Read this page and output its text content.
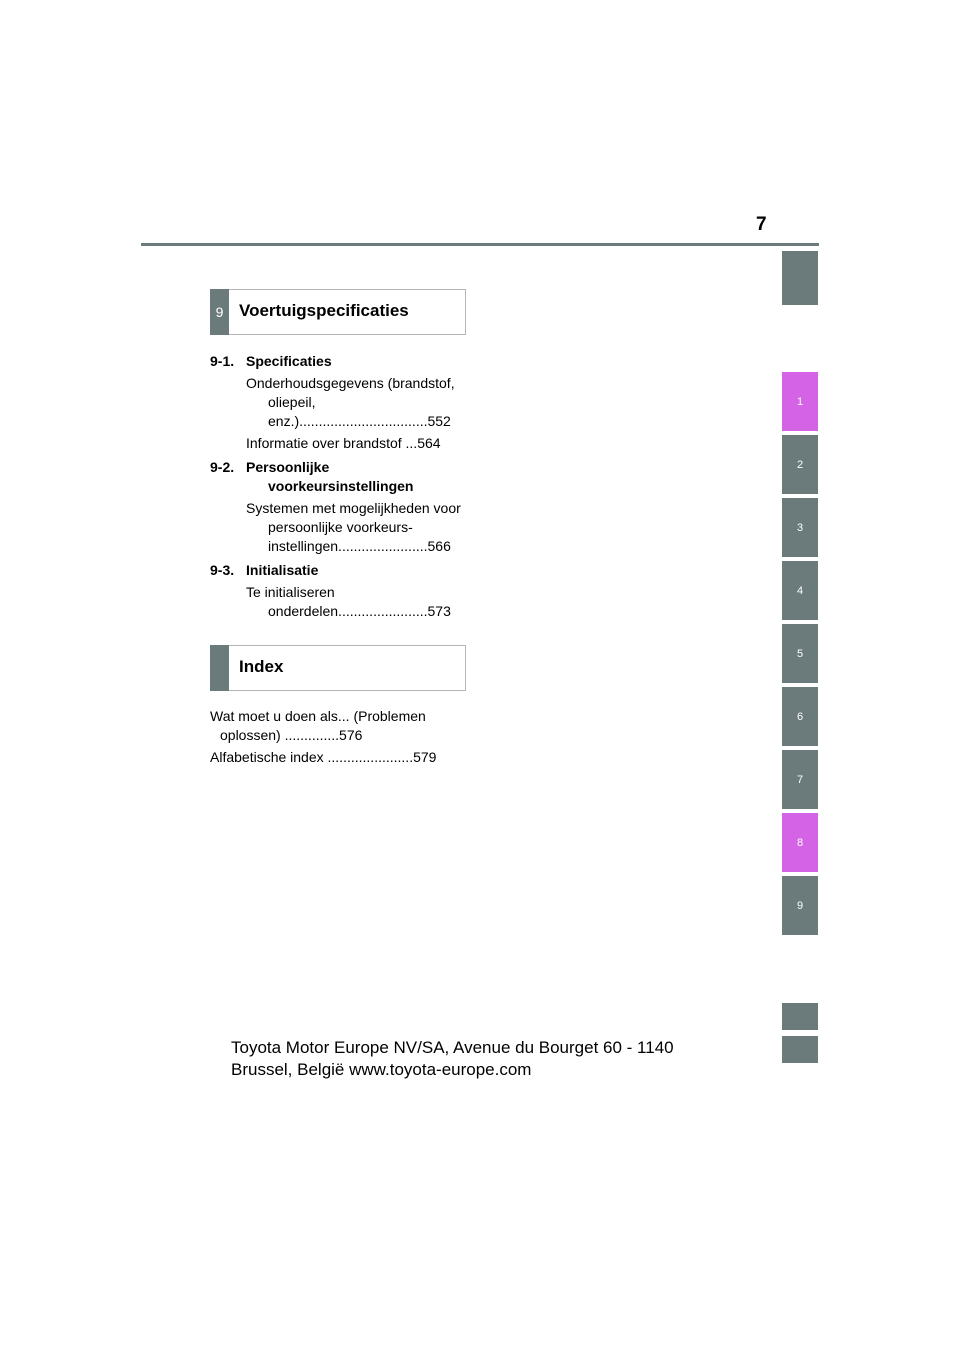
7
1
2
3
4
5
6
7
8
9
9 Voertuigspecificaties
9-1. Specificaties
Onderhoudsgegevens (brandstof, oliepeil, enz.).................................552
Informatie over brandstof ...564
9-2. Persoonlijke voorkeursinstellingen
Systemen met mogelijkheden voor persoonlijke voorkeurs-instellingen.......................566
9-3. Initialisatie
Te initialiseren onderdelen.......................573
Index
Wat moet u doen als... (Problemen oplossen) ..............576
Alfabetische index ......................579
Toyota Motor Europe NV/SA, Avenue du Bourget 60 - 1140
Brussel, België www.toyota-europe.com
